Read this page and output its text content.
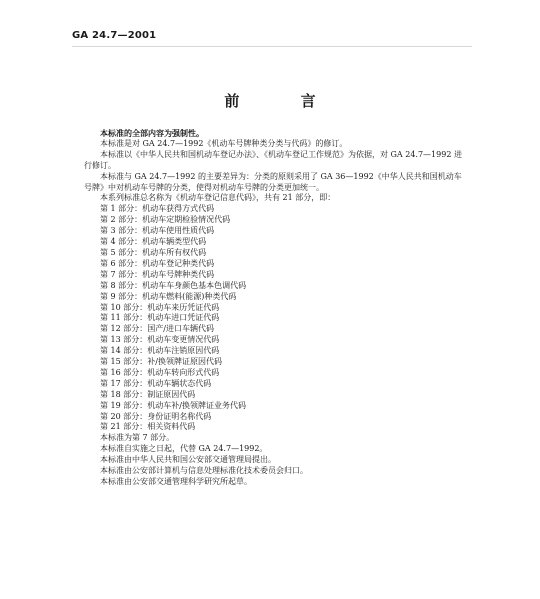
GA 24.7—2001
前 言

本标准的全部内容为强制性。

本标准是对 GA 24.7—1992《机动车号牌种类分类与代码》的修订。

本标准以《中华人民共和国机动车登记办法》、《机动车登记工作规范》为依据，对 GA 24.7—1992 进行修订。

本标准与 GA 24.7—1992 的主要差异为：分类的原则采用了 GA 36—1992《中华人民共和国机动车号牌》中对机动车号牌的分类，使得对机动车号牌的分类更加统一。

本系列标准总名称为《机动车登记信息代码》，共有 21 部分，即：

第 1 部分：机动车获得方式代码

第 2 部分：机动车定期检验情况代码

第 3 部分：机动车使用性质代码

第 4 部分：机动车辆类型代码

第 5 部分：机动车所有权代码

第 6 部分：机动车登记种类代码

第 7 部分：机动车号牌种类代码

第 8 部分：机动车车身颜色基本色调代码

第 9 部分：机动车燃料(能源)种类代码

第 10 部分：机动车来历凭证代码

第 11 部分：机动车进口凭证代码

第 12 部分：国产/进口车辆代码

第 13 部分：机动车变更情况代码

第 14 部分：机动车注销原因代码

第 15 部分：补/换领牌证原因代码

第 16 部分：机动车转向形式代码

第 17 部分：机动车辆状态代码

第 18 部分：制证原因代码

第 19 部分：机动车补/换领牌证业务代码

第 20 部分：身份证明名称代码

第 21 部分：相关资料代码

本标准为第 7 部分。

本标准自实施之日起，代替 GA 24.7—1992。

本标准由中华人民共和国公安部交通管理局提出。

本标准由公安部计算机与信息处理标准化技术委员会归口。

本标准由公安部交通管理科学研究所起草。
